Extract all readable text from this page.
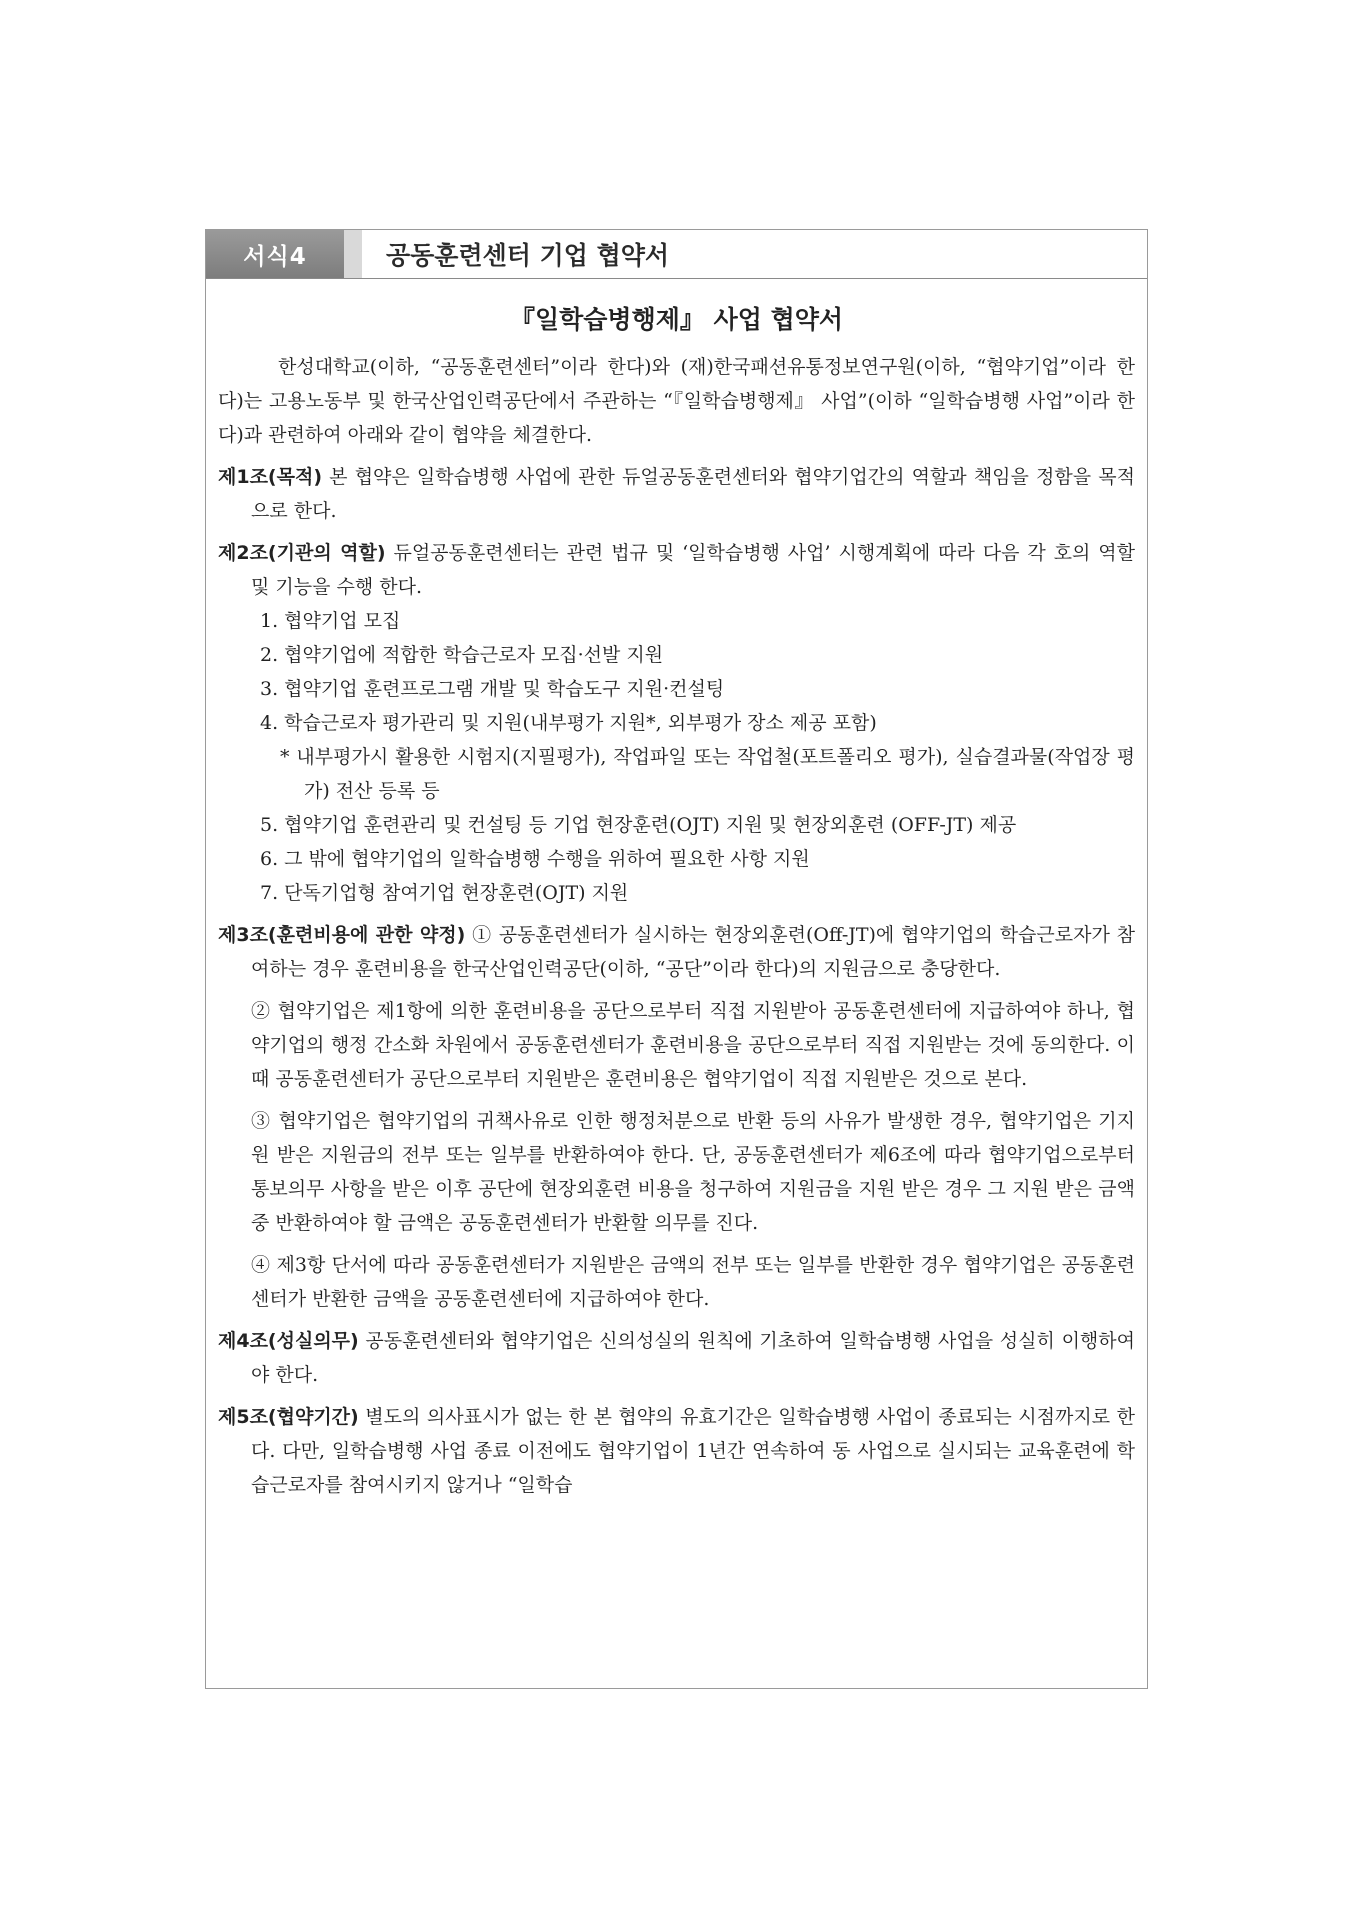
서식4	공동훈련센터 기업 협약서
『일학습병행제』 사업 협약서

한성대학교(이하, “공동훈련센터”이라 한다)와 (재)한국패션유통정보연구원(이하, “협약기업”이라 한다)는 고용노동부 및 한국산업인력공단에서 주관하는 “『일학습병행제』 사업”(이하 “일학습병행 사업”이라 한다)과 관련하여 아래와 같이 협약을 체결한다.

제1조(목적) 본 협약은 일학습병행 사업에 관한 듀얼공동훈련센터와 협약기업간의 역할과 책임을 정함을 목적으로 한다.

제2조(기관의 역할) 듀얼공동훈련센터는 관련 법규 및 ‘일학습병행 사업’ 시행계획에 따라 다음 각 호의 역할 및 기능을 수행 한다.

1. 협약기업 모집
2. 협약기업에 적합한 학습근로자 모집·선발 지원
3. 협약기업 훈련프로그램 개발 및 학습도구 지원·컨설팅
4. 학습근로자 평가관리 및 지원(내부평가 지원*, 외부평가 장소 제공 포함)
* 내부평가시 활용한 시험지(지필평가), 작업파일 또는 작업철(포트폴리오 평가), 실습결과물(작업장 평가) 전산 등록 등
5. 협약기업 훈련관리 및 컨설팅 등 기업 현장훈련(OJT) 지원 및 현장외훈련 (OFF-JT) 제공
6. 그 밖에 협약기업의 일학습병행 수행을 위하여 필요한 사항 지원
7. 단독기업형 참여기업 현장훈련(OJT) 지원

제3조(훈련비용에 관한 약정) ① 공동훈련센터가 실시하는 현장외훈련(Off-JT)에 협약기업의 학습근로자가 참여하는 경우 훈련비용을 한국산업인력공단(이하, “공단”이라 한다)의 지원금으로 충당한다.

② 협약기업은 제1항에 의한 훈련비용을 공단으로부터 직접 지원받아 공동훈련센터에 지급하여야 하나, 협약기업의 행정 간소화 차원에서 공동훈련센터가 훈련비용을 공단으로부터 직접 지원받는 것에 동의한다. 이 때 공동훈련센터가 공단으로부터 지원받은 훈련비용은 협약기업이 직접 지원받은 것으로 본다.

③ 협약기업은 협약기업의 귀책사유로 인한 행정처분으로 반환 등의 사유가 발생한 경우, 협약기업은 기지원 받은 지원금의 전부 또는 일부를 반환하여야 한다. 단, 공동훈련센터가 제6조에 따라 협약기업으로부터 통보의무 사항을 받은 이후 공단에 현장외훈련 비용을 청구하여 지원금을 지원 받은 경우 그 지원 받은 금액 중 반환하여야 할 금액은 공동훈련센터가 반환할 의무를 진다.

④ 제3항 단서에 따라 공동훈련센터가 지원받은 금액의 전부 또는 일부를 반환한 경우 협약기업은 공동훈련센터가 반환한 금액을 공동훈련센터에 지급하여야 한다.

제4조(성실의무) 공동훈련센터와 협약기업은 신의성실의 원칙에 기초하여 일학습병행 사업을 성실히 이행하여야 한다.

제5조(협약기간) 별도의 의사표시가 없는 한 본 협약의 유효기간은 일학습병행 사업이 종료되는 시점까지로 한다. 다만, 일학습병행 사업 종료 이전에도 협약기업이 1년간 연속하여 동 사업으로 실시되는 교육훈련에 학습근로자를 참여시키지 않거나 “일학습
